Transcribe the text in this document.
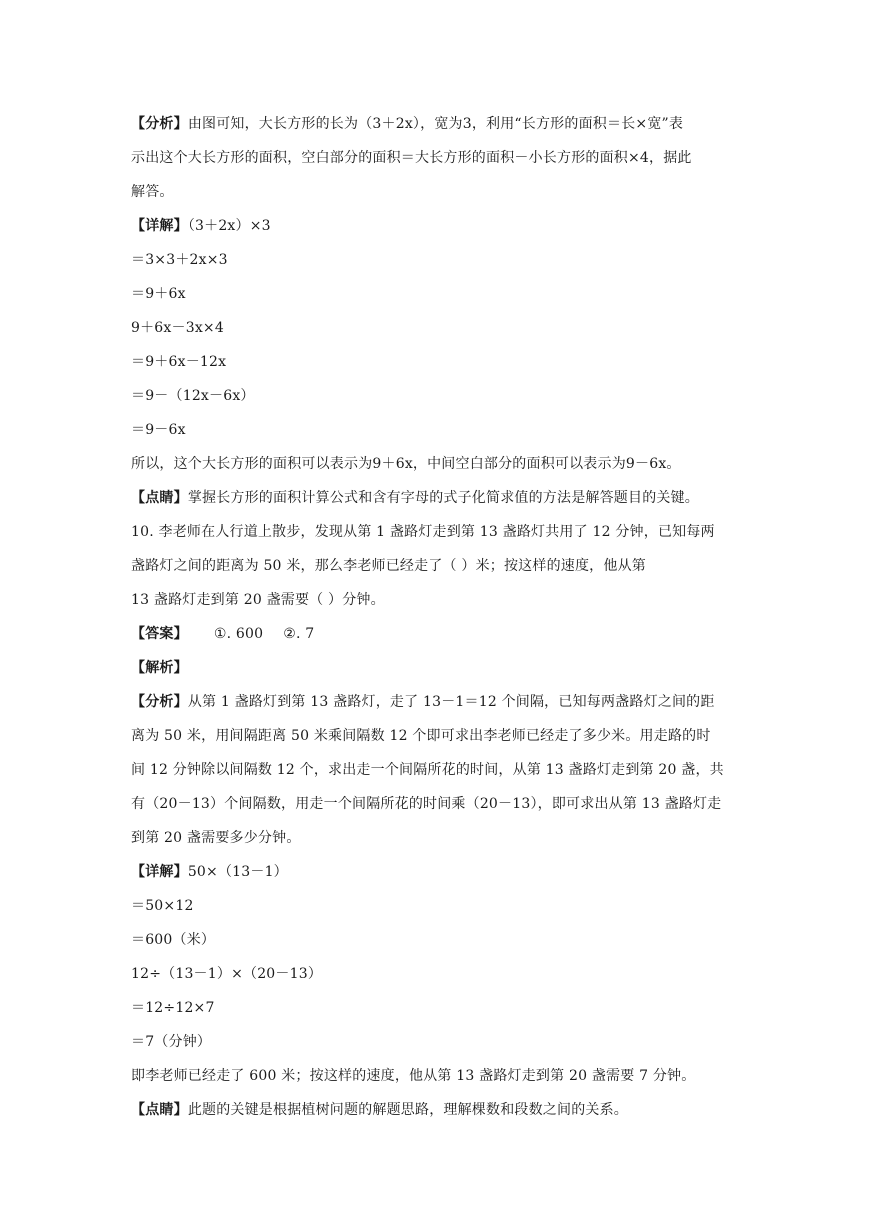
【分析】由图可知，大长方形的长为（3＋2x），宽为3，利用“长方形的面积＝长×宽”表
示出这个大长方形的面积，空白部分的面积＝大长方形的面积－小长方形的面积×4，据此
解答。
【详解】（3＋2x）×3
＝3×3＋2x×3
＝9＋6x
9＋6x－3x×4
＝9＋6x－12x
＝9－（12x－6x）
＝9－6x
所以，这个大长方形的面积可以表示为9＋6x，中间空白部分的面积可以表示为9－6x。
【点睛】掌握长方形的面积计算公式和含有字母的式子化简求值的方法是解答题目的关键。
10. 李老师在人行道上散步，发现从第 1 盏路灯走到第 13 盏路灯共用了 12 分钟，已知每两
盏路灯之间的距离为 50 米，那么李老师已经走了（ ）米；按这样的速度，他从第
13 盏路灯走到第 20 盏需要（ ）分钟。
【答案】 ①. 600 ②. 7
【解析】
【分析】从第 1 盏路灯到第 13 盏路灯，走了 13－1＝12 个间隔，已知每两盏路灯之间的距
离为 50 米，用间隔距离 50 米乘间隔数 12 个即可求出李老师已经走了多少米。用走路的时
间 12 分钟除以间隔数 12 个，求出走一个间隔所花的时间，从第 13 盏路灯走到第 20 盏，共
有（20－13）个间隔数，用走一个间隔所花的时间乘（20－13），即可求出从第 13 盏路灯走
到第 20 盏需要多少分钟。
【详解】50×（13－1）
＝50×12
＝600（米）
12÷（13－1）×（20－13）
＝12÷12×7
＝7（分钟）
即李老师已经走了 600 米；按这样的速度，他从第 13 盏路灯走到第 20 盏需要 7 分钟。
【点睛】此题的关键是根据植树问题的解题思路，理解棵数和段数之间的关系。
